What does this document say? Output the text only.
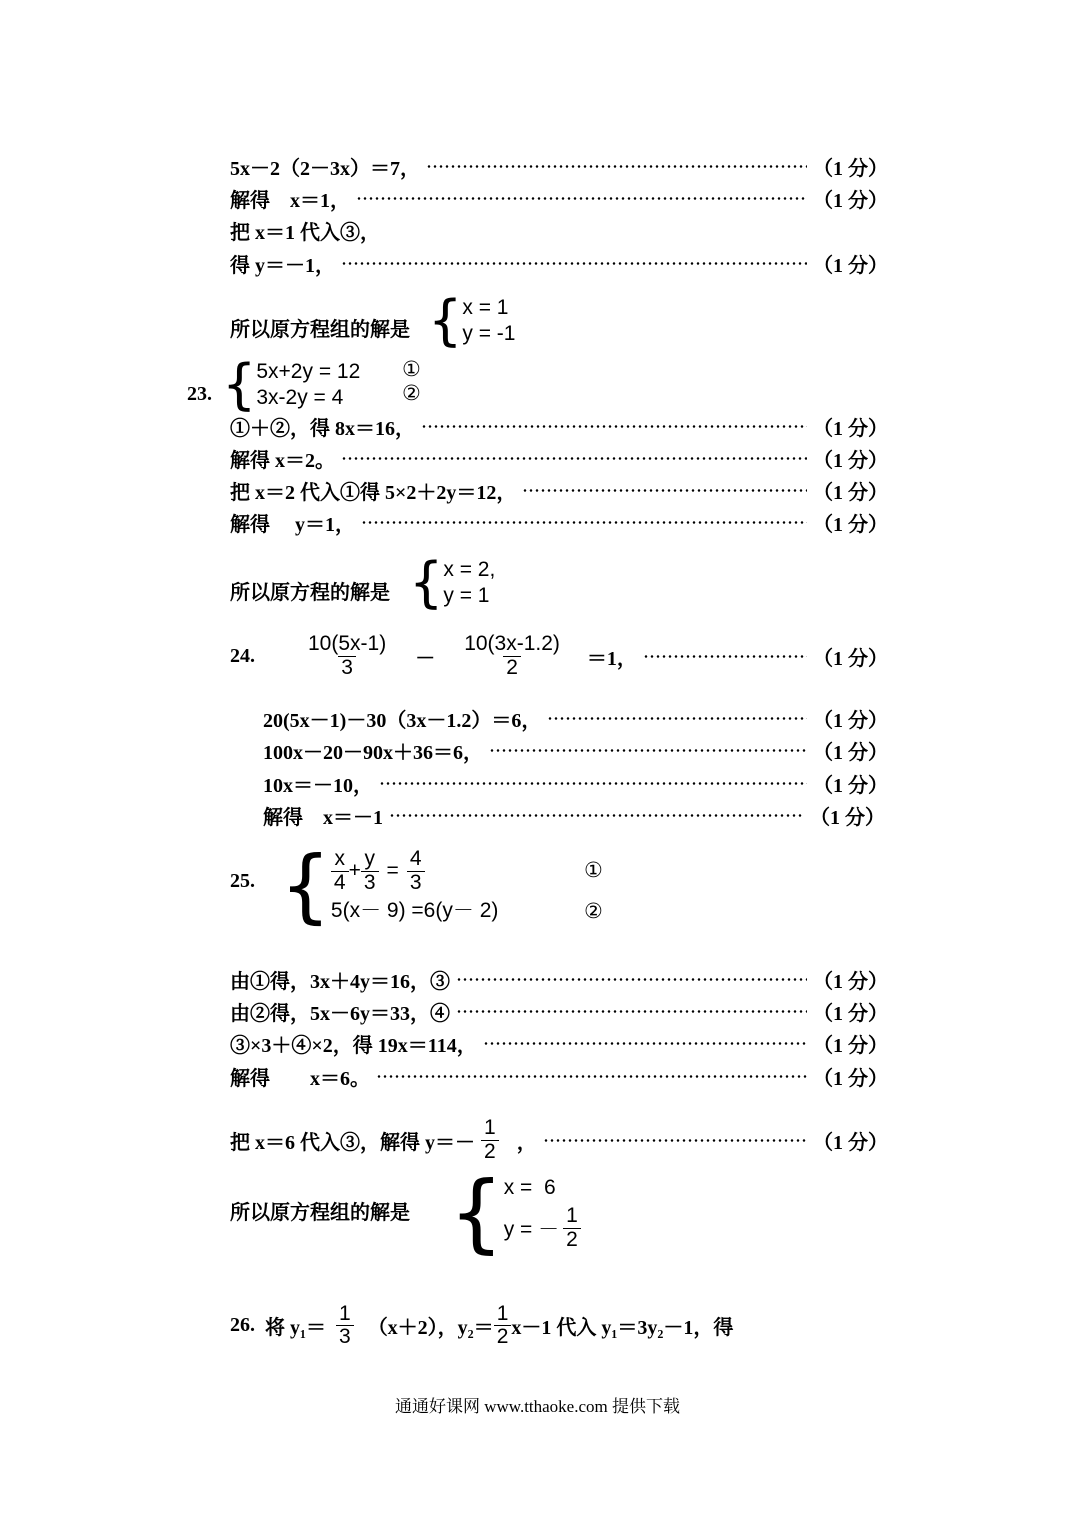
5x－2（2－3x）＝7，	（1 分）
解得　x＝1，	（1 分）
把 x＝1 代入③，
得 y＝－1，	（1 分）
所以原方程组的解是 { x = 1
y = -1
23. { 5x+2y = 12
3x-2y = 4
①
②
①＋②，得 8x＝16，	（1 分）
解得 x＝2。	（1 分）
把 x＝2 代入①得 5×2＋2y＝12，	（1 分）
解得　 y＝1，	（1 分）
所以原方程的解是 { x = 2,
y = 1
24. $\frac{10(5x-1)}{3} - \frac{10(3x-1.2)}{2} =1$，	（1 分）
20(5x－1)－30（3x－1.2）＝6，	（1 分）
100x－20－90x＋36＝6，	（1 分）
10x＝－10，	（1 分）
解得　x＝－1	（1 分）
25. { $\frac{x}{4} + \frac{y}{3} = \frac{4}{3}$
5(x－ 9) =6(y－ 2)
①
②
由①得，3x＋4y＝16，③	（1 分）
由②得，5x－6y＝33，④	（1 分）
③×3＋④×2，得 19x＝114，	（1 分）
解得　　x＝6。	（1 分）
把 x＝6 代入③，解得 $y=- \frac{1}{2}$ ，	（1 分）
所以原方程组的解是 { x =  6
y = － $\frac{1}{2}$
26. 将 $y_1= \frac{1}{3} (x+2)$，$y_2= \frac{1}{2} x-1$ 代入 y₁＝3y₂－1，得
通通好课网 www.tthaoke.com 提供下载
